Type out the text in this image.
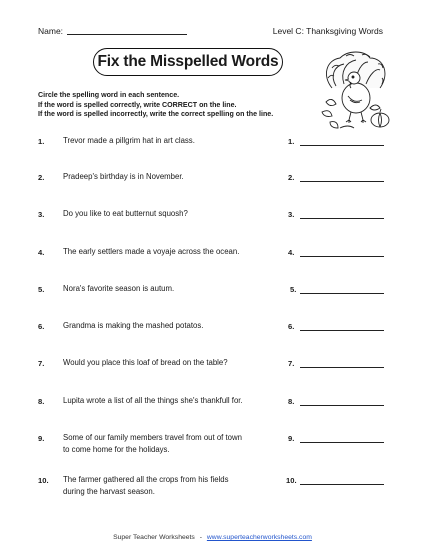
Name:	Level C: Thanksgiving Words
Fix the Misspelled Words
Circle the spelling word in each sentence.
If the word is spelled correctly, write CORRECT on the line.
If the word is spelled incorrectly, write the correct spelling on the line.
1. Trevor made a pillgrim hat in art class.	1.
2. Pradeep's birthday is in November.	2.
3. Do you like to eat butternut squosh?	3.
4. The early settlers made a voyaje across the ocean.	4.
5. Nora's favorite season is autum.	5.
6. Grandma is making the mashed potatos.	6.
7. Would you place this loaf of bread on the table?	7.
8. Lupita wrote a list of all the things she's thankfull for.	8.
9. Some of our family members travel from out of town
to come home for the holidays.
9.
10. The farmer gathered all the crops from his fields
during the harvast season.
10.
Super Teacher Worksheets - www.superteacherworksheets.com
